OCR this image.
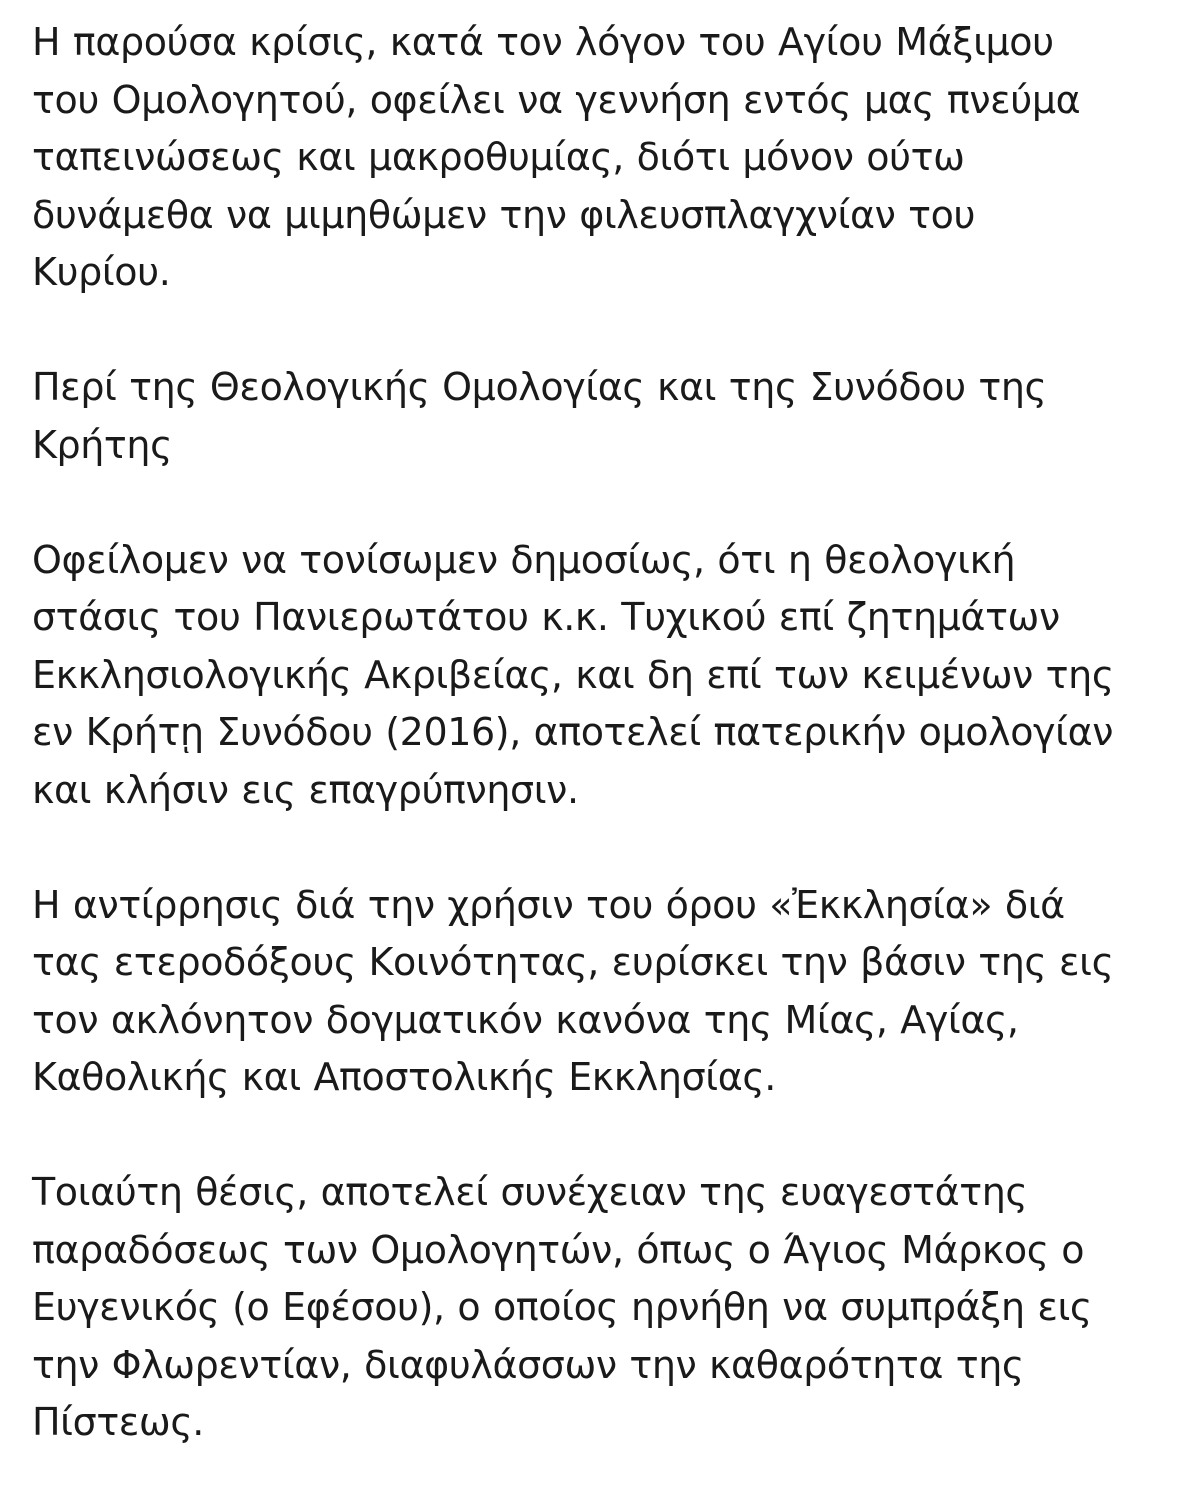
Η παρούσα κρίσις, κατά τον λόγον του Αγίου Μάξιμου
του Ομολογητού, οφείλει να γεννήση εντός μας πνεύμα
ταπεινώσεως και μακροθυμίας, διότι μόνον ούτω
δυνάμεθα να μιμηθώμεν την φιλευσπλαγχνίαν του
Κυρίου.

Περί της Θεολογικής Ομολογίας και της Συνόδου της
Κρήτης

Οφείλομεν να τονίσωμεν δημοσίως, ότι η θεολογική
στάσις του Πανιερωτάτου κ.κ. Τυχικού επί ζητημάτων
Εκκλησιολογικής Ακριβείας, και δη επί των κειμένων της
εν Κρήτῃ Συνόδου (2016), αποτελεί πατερικήν ομολογίαν
και κλήσιν εις επαγρύπνησιν.

Η αντίρρησις διά την χρήσιν του όρου «Ἐκκλησία» διά
τας ετεροδόξους Κοινότητας, ευρίσκει την βάσιν της εις
τον ακλόνητον δογματικόν κανόνα της Μίας, Αγίας,
Καθολικής και Αποστολικής Εκκλησίας.

Τοιαύτη θέσις, αποτελεί συνέχειαν της ευαγεστάτης
παραδόσεως των Ομολογητών, όπως ο Άγιος Μάρκος ο
Ευγενικός (ο Εφέσου), ο οποίος ηρνήθη να συμπράξη εις
την Φλωρεντίαν, διαφυλάσσων την καθαρότητα της
Πίστεως.
